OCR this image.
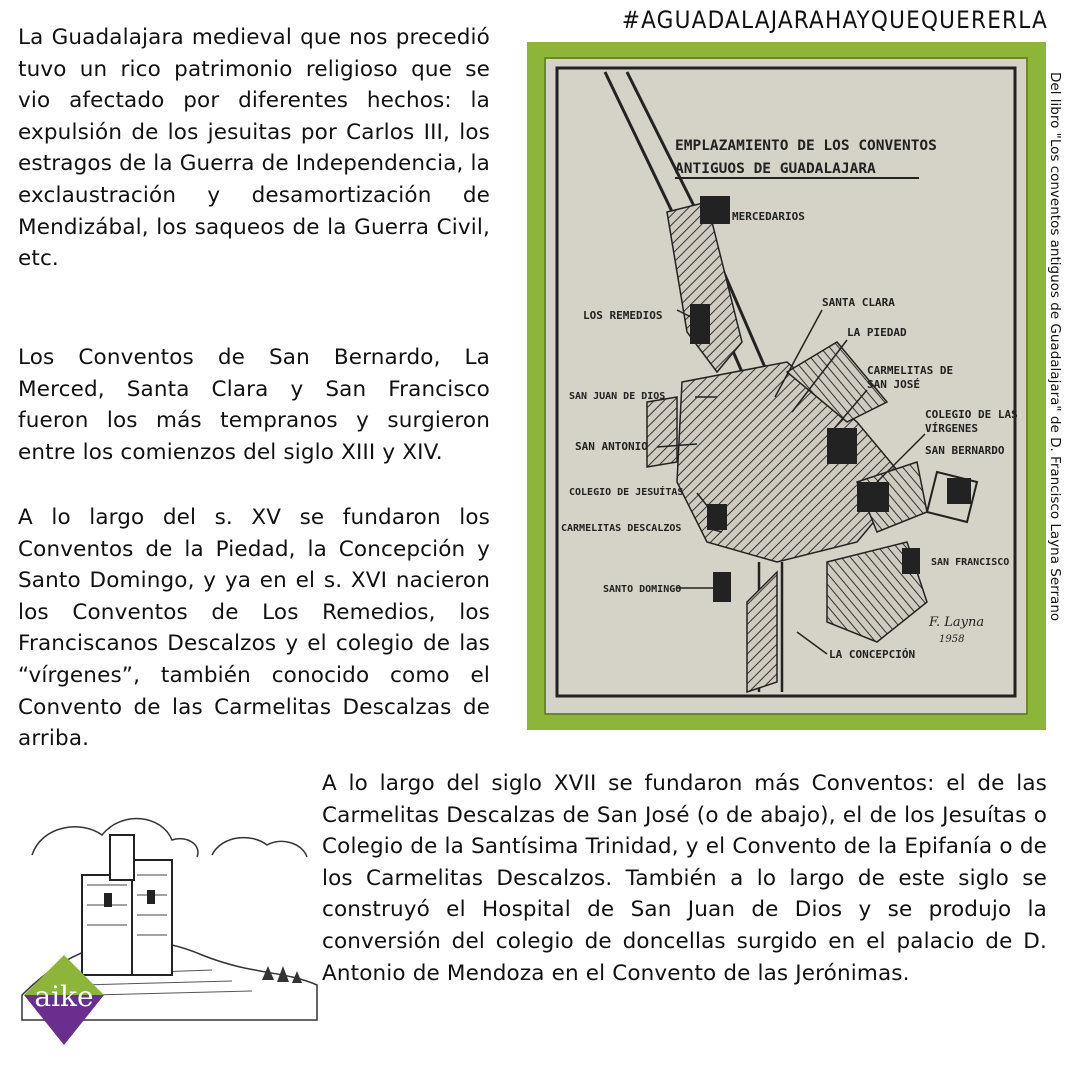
#AGUADALAJARAHAYQUEQUERERLA

La Guadalajara medieval que nos precedió tuvo un rico patrimonio religioso que se vio afectado por diferentes hechos: la expulsión de los jesuitas por Carlos III, los estragos de la Guerra de Independencia, la exclaustración y desamortización de Mendizábal, los saqueos de la Guerra Civil, etc.

Los Conventos de San Bernardo, La Merced, Santa Clara y San Francisco fueron los más tempranos y surgieron entre los comienzos del siglo XIII y XIV.

A lo largo del s. XV se fundaron los Conventos de la Piedad, la Concepción y Santo Domingo, y ya en el s. XVI nacieron los Conventos de Los Remedios, los Franciscanos Descalzos y el colegio de las “vírgenes”, también conocido como el Convento de las Carmelitas Descalzas de arriba.

A lo largo del siglo XVII se fundaron más Conventos: el de las Carmelitas Descalzas de San José (o de abajo), el de los Jesuítas o Colegio de la Santísima Trinidad, y el Convento de la Epifanía o de los Carmelitas Descalzos. También a lo largo de este siglo se construyó el Hospital de San Juan de Dios y se produjo la conversión del colegio de doncellas surgido en el palacio de D. Antonio de Mendoza en el Convento de las Jerónimas.

EMPLAZAMIENTO DE LOS CONVENTOS
ANTIGUOS DE GUADALAJARA
MERCEDARIOS
SANTA CLARA
LA PIEDAD
CARMELITAS DE
SAN JOSÉ
COLEGIO DE LAS
VÍRGENES
SAN BERNARDO
LOS REMEDIOS
SAN JUAN DE DIOS
SAN ANTONIO
COLEGIO DE JESUÍTAS
CARMELITAS DESCALZOS
SAN FRANCISCO
SANTO DOMINGO
LA CONCEPCIÓN
F. Layna
1958
Del libro "Los conventos antiguos de Guadalajara" de D. Francisco Layna Serrano
aike
